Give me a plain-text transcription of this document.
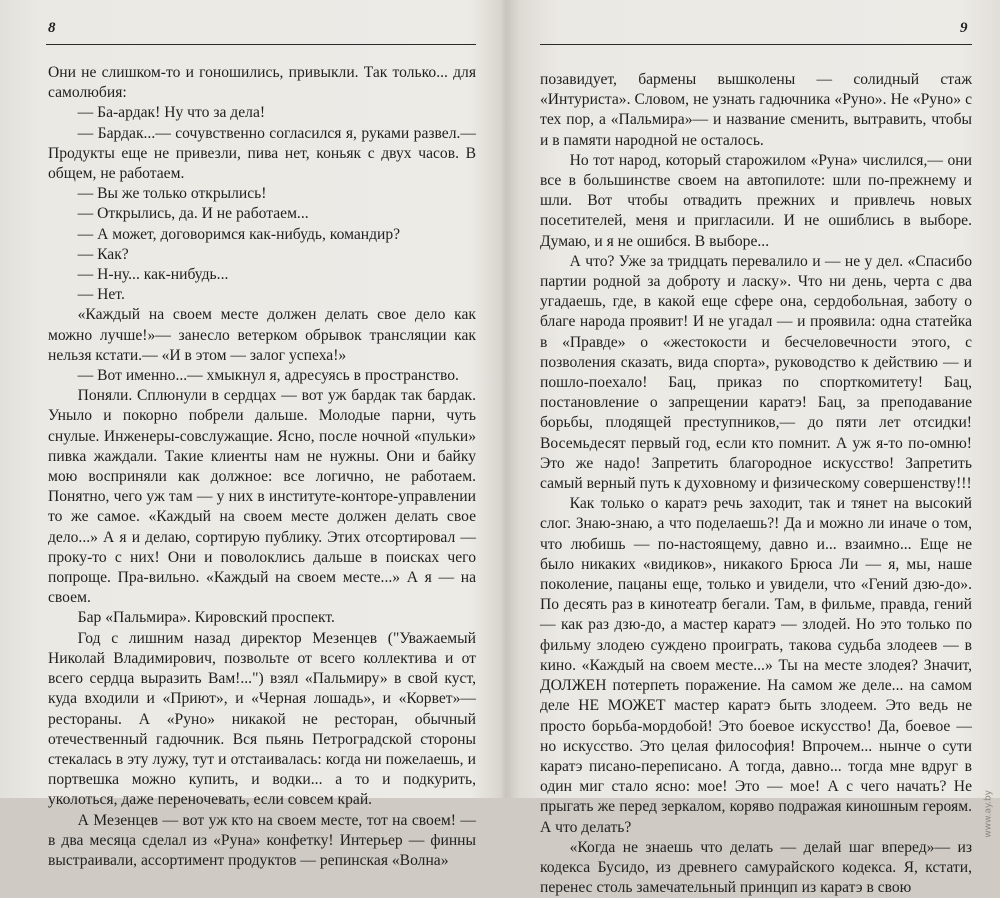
8

Они не слишком-то и гоношились, привыкли. Так только... для самолюбия:

— Ба-ардак! Ну что за дела!

— Бардак...— сочувственно согласился я, руками развел.— Продукты еще не привезли, пива нет, коньяк с двух часов. В общем, не работаем.

— Вы же только открылись!

— Открылись, да. И не работаем...

— А может, договоримся как-нибудь, командир?

— Как?

— Н-ну... как-нибудь...

— Нет.

«Каждый на своем месте должен делать свое дело как можно лучше!»— занесло ветерком обрывок трансляции как нельзя кстати.— «И в этом — залог успеха!»

— Вот именно...— хмыкнул я, адресуясь в пространство.

Поняли. Сплюнули в сердцах — вот уж бардак так бардак. Уныло и покорно побрели дальше. Молодые парни, чуть снулые. Инженеры-совслужащие. Ясно, после ночной «пульки» пивка жаждали. Такие клиенты нам не нужны. Они и байку мою восприняли как должное: все логично, не работаем. Понятно, чего уж там — у них в институте-конторе-управлении то же самое. «Каждый на своем месте должен делать свое дело...» А я и делаю, сортирую публику. Этих отсортировал — проку-то с них! Они и поволоклись дальше в поисках чего попроще. Пра-вильно. «Каждый на своем месте...» А я — на своем.

Бар «Пальмира». Кировский проспект.

Год с лишним назад директор Мезенцев ("Уважаемый Николай Владимирович, позвольте от всего коллектива и от всего сердца выразить Вам!...") взял «Пальмиру» в свой куст, куда входили и «Приют», и «Черная лошадь», и «Корвет»— рестораны. А «Руно» никакой не ресторан, обычный отечественный гадючник. Вся пьянь Петроградской стороны стекалась в эту лужу, тут и отстаивалась: когда ни пожелаешь, и портвешка можно купить, и водки... а то и подкурить, уколоться, даже переночевать, если совсем край.

А Мезенцев — вот уж кто на своем месте, тот на своем! — в два месяца сделал из «Руна» конфетку! Интерьер — финны выстраивали, ассортимент продуктов — репинская «Волна»

9

позавидует, бармены вышколены — солидный стаж «Интуриста». Словом, не узнать гадючника «Руно». Не «Руно» с тех пор, а «Пальмира»— и название сменить, вытравить, чтобы и в памяти народной не осталось.

Но тот народ, который старожилом «Руна» числился,— они все в большинстве своем на автопилоте: шли по-прежнему и шли. Вот чтобы отвадить прежних и привлечь новых посетителей, меня и пригласили. И не ошиблись в выборе. Думаю, и я не ошибся. В выборе...

А что? Уже за тридцать перевалило и — не у дел. «Спасибо партии родной за доброту и ласку». Что ни день, черта с два угадаешь, где, в какой еще сфере она, сердобольная, заботу о благе народа проявит! И не угадал — и проявила: одна статейка в «Правде» о «жестокости и бесчеловечности этого, с позволения сказать, вида спорта», руководство к действию — и пошло-поехало! Бац, приказ по спорткомитету! Бац, постановление о запрещении каратэ! Бац, за преподавание борьбы, плодящей преступников,— до пяти лет отсидки! Восемьдесят первый год, если кто помнит. А уж я-то по-омню! Это же надо! Запретить благородное искусство! Запретить самый верный путь к духовному и физическому совершенству!!!

Как только о каратэ речь заходит, так и тянет на высокий слог. Знаю-знаю, а что поделаешь?! Да и можно ли иначе о том, что любишь — по-настоящему, давно и... взаимно... Еще не было никаких «видиков», никакого Брюса Ли — я, мы, наше поколение, пацаны еще, только и увидели, что «Гений дзю-до». По десять раз в кинотеатр бегали. Там, в фильме, правда, гений — как раз дзю-до, а мастер каратэ — злодей. Но это только по фильму злодею суждено проиграть, такова судьба злодеев — в кино. «Каждый на своем месте...» Ты на месте злодея? Значит, ДОЛЖЕН потерпеть поражение. На самом же деле... на самом деле НЕ МОЖЕТ мастер каратэ быть злодеем. Это ведь не просто борьба-мордобой! Это боевое искусство! Да, боевое — но искусство. Это целая философия! Впрочем... нынче о сути каратэ писано-переписано. А тогда, давно... тогда мне вдруг в один миг стало ясно: мое! Это — мое! А с чего начать? Не прыгать же перед зеркалом, коряво подражая киношным героям. А что делать?

«Когда не знаешь что делать — делай шаг вперед»— из кодекса Бусидо, из древнего самурайского кодекса. Я, кстати, перенес столь замечательный принцип из каратэ в свою

www.ay.by
